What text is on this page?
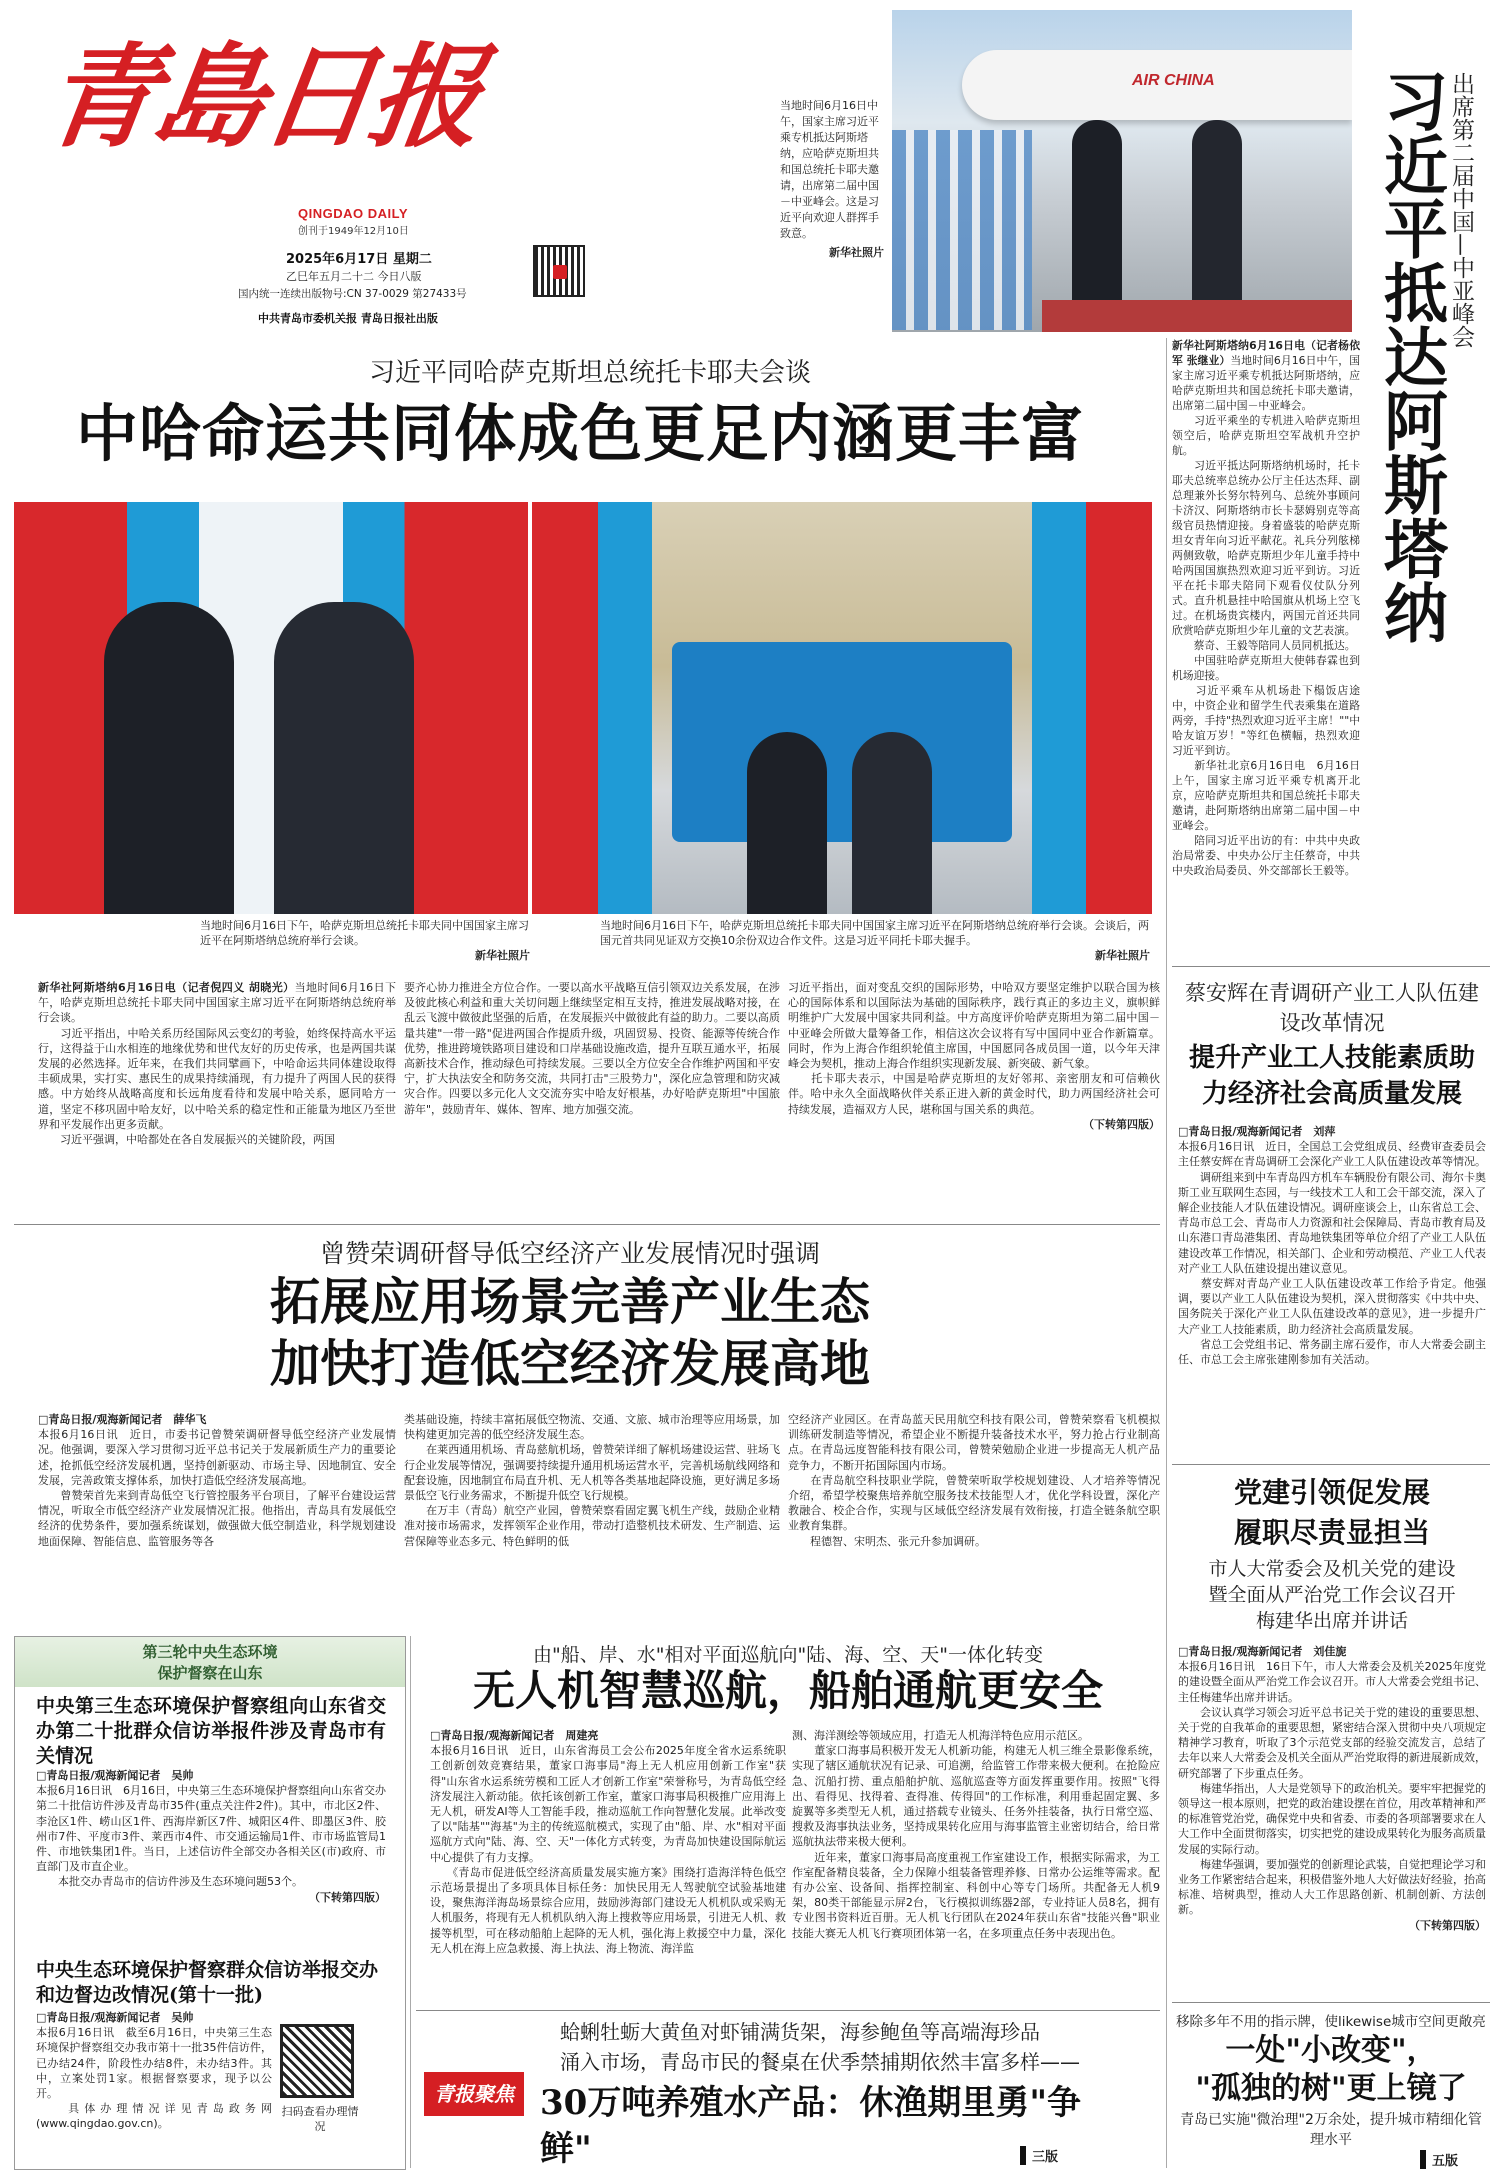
青島日报
QINGDAO DAILY
创刊于1949年12月10日
2025年6月17日 星期二
乙巳年五月二十二 今日八版
国内统一连续出版物号:CN 37-0029 第27433号
中共青岛市委机关报 青岛日报社出版
当地时间6月16日中午，国家主席习近平乘专机抵达阿斯塔纳，应哈萨克斯坦共和国总统托卡耶夫邀请，出席第二届中国－中亚峰会。这是习近平向欢迎人群挥手致意。
新华社照片
AIR CHINA	出席第二届中国—中亚峰会
习近平抵达阿斯塔纳
新华社阿斯塔纳6月16日电（记者杨依军 张继业）当地时间6月16日中午，国家主席习近平乘专机抵达阿斯塔纳，应哈萨克斯坦共和国总统托卡耶夫邀请，出席第二届中国－中亚峰会。
　　习近平乘坐的专机进入哈萨克斯坦领空后，哈萨克斯坦空军战机升空护航。
　　习近平抵达阿斯塔纳机场时，托卡耶夫总统率总统办公厅主任达杰拜、副总理兼外长努尔特列乌、总统外事顾问卡济汉、阿斯塔纳市长卡瑟姆别克等高级官员热情迎接。身着盛装的哈萨克斯坦女青年向习近平献花。礼兵分列舷梯两侧致敬，哈萨克斯坦少年儿童手持中哈两国国旗热烈欢迎习近平到访。习近平在托卡耶夫陪同下观看仪仗队分列式。直升机悬挂中哈国旗从机场上空飞过。在机场贵宾楼内，两国元首还共同欣赏哈萨克斯坦少年儿童的文艺表演。
　　蔡奇、王毅等陪同人员同机抵达。
　　中国驻哈萨克斯坦大使韩春霖也到机场迎接。
　　习近平乘车从机场赴下榻饭店途中，中资企业和留学生代表乘集在道路两旁，手持"热烈欢迎习近平主席！""中哈友谊万岁！"等红色横幅，热烈欢迎习近平到访。
　　新华社北京6月16日电　6月16日上午，国家主席习近平乘专机离开北京，应哈萨克斯坦共和国总统托卡耶夫邀请，赴阿斯塔纳出席第二届中国－中亚峰会。
　　陪同习近平出访的有：中共中央政治局常委、中央办公厅主任蔡奇，中共中央政治局委员、外交部部长王毅等。
习近平同哈萨克斯坦总统托卡耶夫会谈
中哈命运共同体成色更足内涵更丰富
当地时间6月16日下午，哈萨克斯坦总统托卡耶夫同中国国家主席习近平在阿斯塔纳总统府举行会谈。
新华社照片
当地时间6月16日下午，哈萨克斯坦总统托卡耶夫同中国国家主席习近平在阿斯塔纳总统府举行会谈。会谈后，两国元首共同见证双方交换10余份双边合作文件。这是习近平同托卡耶夫握手。
新华社照片
新华社阿斯塔纳6月16日电（记者倪四义 胡晓光）当地时间6月16日下午，哈萨克斯坦总统托卡耶夫同中国国家主席习近平在阿斯塔纳总统府举行会谈。
　　习近平指出，中哈关系历经国际风云变幻的考验，始终保持高水平运行，这得益于山水相连的地缘优势和世代友好的历史传承，也是两国共谋发展的必然选择。近年来，在我们共同擘画下，中哈命运共同体建设取得丰硕成果，实打实、惠民生的成果持续涌现，有力提升了两国人民的获得感。中方始终从战略高度和长远角度看待和发展中哈关系，愿同哈方一道，坚定不移巩固中哈友好，以中哈关系的稳定性和正能量为地区乃至世界和平发展作出更多贡献。
　　习近平强调，中哈都处在各自发展振兴的关键阶段，两国
要齐心协力推进全方位合作。一要以高水平战略互信引领双边关系发展，在涉及彼此核心利益和重大关切问题上继续坚定相互支持，推进发展战略对接，在乱云飞渡中做彼此坚强的后盾，在发展振兴中做彼此有益的助力。二要以高质量共建"一带一路"促进两国合作提质升级，巩固贸易、投资、能源等传统合作优势，推进跨境铁路项目建设和口岸基础设施改造，提升互联互通水平，拓展高新技术合作，推动绿色可持续发展。三要以全方位安全合作维护两国和平安宁，扩大执法安全和防务交流，共同打击"三股势力"，深化应急管理和防灾减灾合作。四要以多元化人文交流夯实中哈友好根基，办好哈萨克斯坦"中国旅游年"，鼓励青年、媒体、智库、地方加强交流。
习近平指出，面对变乱交织的国际形势，中哈双方要坚定维护以联合国为核心的国际体系和以国际法为基础的国际秩序，践行真正的多边主义，旗帜鲜明维护广大发展中国家共同利益。中方高度评价哈萨克斯坦为第二届中国－中亚峰会所做大量筹备工作，相信这次会议将有写中国同中亚合作新篇章。同时，作为上海合作组织轮值主席国，中国愿同各成员国一道，以今年天津峰会为契机，推动上海合作组织实现新发展、新突破、新气象。
　　托卡耶夫表示，中国是哈萨克斯坦的友好邻邦、亲密朋友和可信赖伙伴。哈中永久全面战略伙伴关系正进入新的黄金时代，助力两国经济社会可持续发展，造福双方人民，堪称国与国关系的典范。
（下转第四版）
曾赞荣调研督导低空经济产业发展情况时强调
拓展应用场景完善产业生态
加快打造低空经济发展高地
□青岛日报/观海新闻记者　薛华飞
本报6月16日讯　近日，市委书记曾赞荣调研督导低空经济产业发展情况。他强调，要深入学习贯彻习近平总书记关于发展新质生产力的重要论述，抢抓低空经济发展机遇，坚持创新驱动、市场主导、因地制宜、安全发展，完善政策支撑体系，加快打造低空经济发展高地。
　　曾赞荣首先来到青岛低空飞行管控服务平台项目，了解平台建设运营情况，听取全市低空经济产业发展情况汇报。他指出，青岛具有发展低空经济的优势条件，要加强系统谋划，做强做大低空制造业，科学规划建设地面保障、智能信息、监管服务等各
类基础设施，持续丰富拓展低空物流、交通、文旅、城市治理等应用场景，加快构建更加完善的低空经济发展生态。
　　在莱西通用机场、青岛慈航机场，曾赞荣详细了解机场建设运营、驻场飞行企业发展等情况，强调要持续提升通用机场运营水平，完善机场航线网络和配套设施，因地制宜布局直升机、无人机等各类基地起降设施，更好满足多场景低空飞行业务需求，不断提升低空飞行规模。
　　在万丰（青岛）航空产业园，曾赞荣察看固定翼飞机生产线，鼓励企业精准对接市场需求，发挥领军企业作用，带动打造整机技术研发、生产制造、运营保障等业态多元、特色鲜明的低
空经济产业园区。在青岛蓝天民用航空科技有限公司，曾赞荣察看飞机模拟训练研发制造等情况，希望企业不断提升装备技术水平，努力抢占行业制高点。在青岛远度智能科技有限公司，曾赞荣勉励企业进一步提高无人机产品竞争力，不断开拓国际国内市场。
　　在青岛航空科技职业学院，曾赞荣听取学校规划建设、人才培养等情况介绍，希望学校聚焦培养航空服务技术技能型人才，优化学科设置，深化产教融合、校企合作，实现与区域低空经济发展有效衔接，打造全链条航空职业教育集群。
　　程德智、宋明杰、张元升参加调研。
第三轮中央生态环境
保护督察在山东
中央第三生态环境保护督察组向山东省交办第二十批群众信访举报件涉及青岛市有关情况
□青岛日报/观海新闻记者　吴帅
本报6月16日讯　6月16日，中央第三生态环境保护督察组向山东省交办第二十批信访件涉及青岛市35件(重点关注件2件)。其中，市北区2件、李沧区1件、崂山区1件、西海岸新区7件、城阳区4件、即墨区3件、胶州市7件、平度市3件、莱西市4件、市交通运输局1件、市市场监管局1件、市地铁集团1件。当日，上述信访件全部交办各相关区(市)政府、市直部门及市直企业。
　　本批交办青岛市的信访件涉及生态环境问题53个。
（下转第四版）
中央生态环境保护督察群众信访举报交办和边督边改情况(第十一批)
□青岛日报/观海新闻记者　吴帅
本报6月16日讯　截至6月16日，中央第三生态环境保护督察组交办我市第十一批35件信访件，已办结24件，阶段性办结8件，未办结3件。其中，立案处罚1家。根据督察要求，现予以公开。
　　具体办理情况详见青岛政务网(www.qingdao.gov.cn)。
扫码查看办理情况
由"船、岸、水"相对平面巡航向"陆、海、空、天"一体化转变
无人机智慧巡航，船舶通航更安全
□青岛日报/观海新闻记者　周建亮
本报6月16日讯　近日，山东省海员工会公布2025年度全省水运系统职工创新创效竞赛结果，董家口海事局"海上无人机应用创新工作室"获得"山东省水运系统劳模和工匠人才创新工作室"荣誉称号，为青岛低空经济发展注入新动能。依托该创新工作室，董家口海事局积极推广应用海上无人机，研发AI等人工智能手段，推动巡航工作向智慧化发展。此举改变了以"陆基""海基"为主的传统巡航模式，实现了由"船、岸、水"相对平面巡航方式向"陆、海、空、天"一体化方式转变，为青岛加快建设国际航运中心提供了有力支撑。
　　《青岛市促进低空经济高质量发展实施方案》围绕打造海洋特色低空示范场景提出了多项具体目标任务：加快民用无人驾驶航空试验基地建设，聚焦海洋海岛场景综合应用，鼓励涉海部门建设无人机机队或采购无人机服务，将现有无人机机队纳入海上搜救等应用场景，引进无人机、救援等机型，可在移动船舶上起降的无人机，强化海上救援空中力量，深化无人机在海上应急救援、海上执法、海上物流、海洋监
测、海洋测绘等领域应用，打造无人机海洋特色应用示范区。
　　董家口海事局积极开发无人机新功能，构建无人机三维全景影像系统，实现了辖区通航状况有记录、可追溯，给监管工作带来极大便利。在抢险应急、沉船打捞、重点船舶护航、巡航巡查等方面发挥重要作用。按照"飞得出、看得见、找得着、查得准、传得回"的工作标准，利用垂起固定翼、多旋翼等多类型无人机，通过搭载专业镜头、任务外挂装备，执行日常空巡、搜救及海事执法业务，坚持成果转化应用与海事监管主业密切结合，给日常巡航执法带来极大便利。
　　近年来，董家口海事局高度重视工作室建设工作，根据实际需求，为工作室配备精良装备，全力保障小组装备管理养修、日常办公运维等需求。配有办公室、设备间、指挥控制室、科创中心等专门场所。共配备无人机9架，80类干部能显示屏2台，飞行模拟训练器2部，专业持证人员8名，拥有专业图书资料近百册。无人机飞行团队在2024年获山东省"技能兴鲁"职业技能大赛无人机飞行赛项团体第一名，在多项重点任务中表现出色。
青报聚焦
蛤蜊牡蛎大黄鱼对虾铺满货架，海参鲍鱼等高端海珍品
涌入市场，青岛市民的餐桌在伏季禁捕期依然丰富多样——
30万吨养殖水产品：休渔期里勇"争鲜"	三版
蔡安辉在青调研产业工人队伍建设改革情况
提升产业工人技能素质助力经济社会高质量发展
□青岛日报/观海新闻记者　刘萍
本报6月16日讯　近日，全国总工会党组成员、经费审查委员会主任蔡安辉在青岛调研工会深化产业工人队伍建设改革等情况。
　　调研组来到中车青岛四方机车车辆股份有限公司、海尔卡奥斯工业互联网生态园，与一线技术工人和工会干部交流，深入了解企业技能人才队伍建设情况。调研座谈会上，山东省总工会、青岛市总工会、青岛市人力资源和社会保障局、青岛市教育局及山东港口青岛港集团、青岛地铁集团等单位介绍了产业工人队伍建设改革工作情况，相关部门、企业和劳动模范、产业工人代表对产业工人队伍建设提出建议意见。
　　蔡安辉对青岛产业工人队伍建设改革工作给予肯定。他强调，要以产业工人队伍建设为契机，深入贯彻落实《中共中央、国务院关于深化产业工人队伍建设改革的意见》，进一步提升广大产业工人技能素质，助力经济社会高质量发展。
　　省总工会党组书记、常务副主席石爱作，市人大常委会副主任、市总工会主席张建刚参加有关活动。
党建引领促发展
履职尽责显担当
市人大常委会及机关党的建设
暨全面从严治党工作会议召开
梅建华出席并讲话
□青岛日报/观海新闻记者　刘佳旎
本报6月16日讯　16日下午，市人大常委会及机关2025年度党的建设暨全面从严治党工作会议召开。市人大常委会党组书记、主任梅建华出席并讲话。
　　会议认真学习领会习近平总书记关于党的建设的重要思想、关于党的自我革命的重要思想，紧密结合深入贯彻中央八项规定精神学习教育，听取了3个示范党支部的经验交流发言，总结了去年以来人大常委会及机关全面从严治党取得的新进展新成效，研究部署了下步重点任务。
　　梅建华指出，人大是党领导下的政治机关。要牢牢把握党的领导这一根本原则，把党的政治建设摆在首位，用改革精神和严的标准管党治党，确保党中央和省委、市委的各项部署要求在人大工作中全面贯彻落实，切实把党的建设成果转化为服务高质量发展的实际行动。
　　梅建华强调，要加强党的创新理论武装，自觉把理论学习和业务工作紧密结合起来，积极借鉴外地人大好做法好经验，抬高标准、培树典型，推动人大工作思路创新、机制创新、方法创新。
（下转第四版）
移除多年不用的指示牌，使likewise城市空间更敞亮
一处"小改变"，
"孤独的树"更上镜了
青岛已实施"微治理"2万余处，提升城市精细化管理水平
五版
